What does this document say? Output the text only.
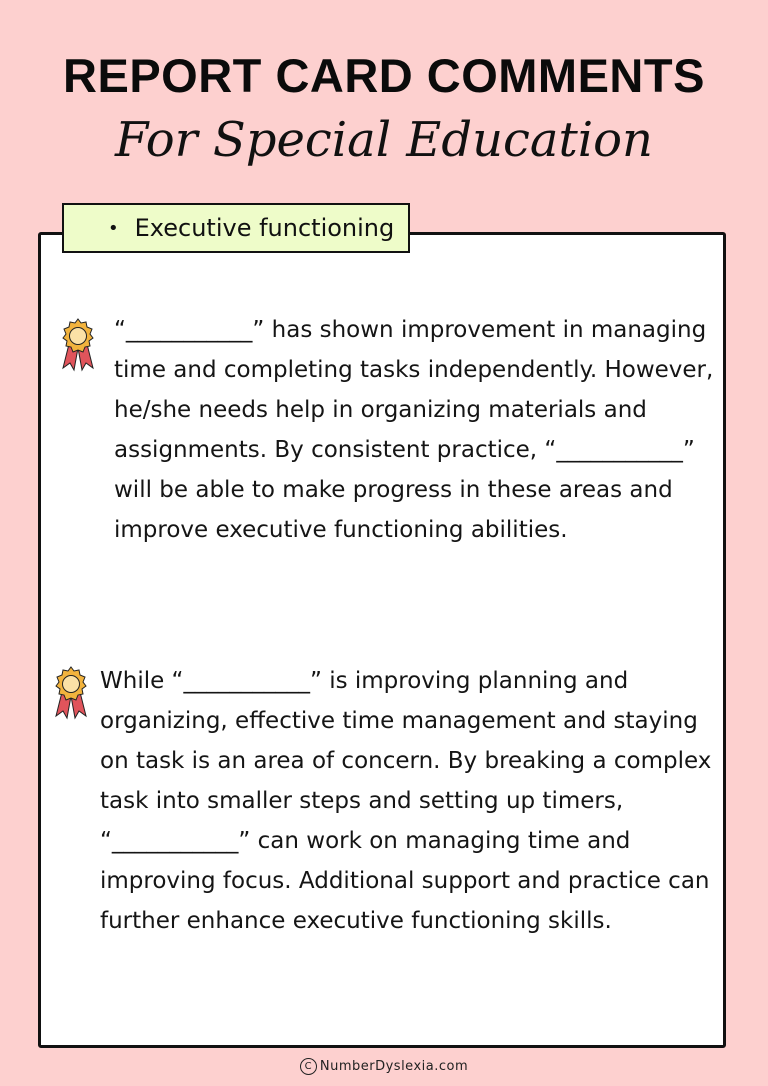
REPORT CARD COMMENTS
For Special Education
• Executive functioning
“___________” has shown improvement in managing time and completing tasks independently. However, he/she needs help in organizing materials and assignments. By consistent practice, “___________” will be able to make progress in these areas and improve executive functioning abilities.
While “___________” is improving planning and organizing, effective time management and staying on task is an area of concern. By breaking a complex task into smaller steps and setting up timers, “___________” can work on managing time and improving focus. Additional support and practice can further enhance executive functioning skills.
C NumberDyslexia.com
